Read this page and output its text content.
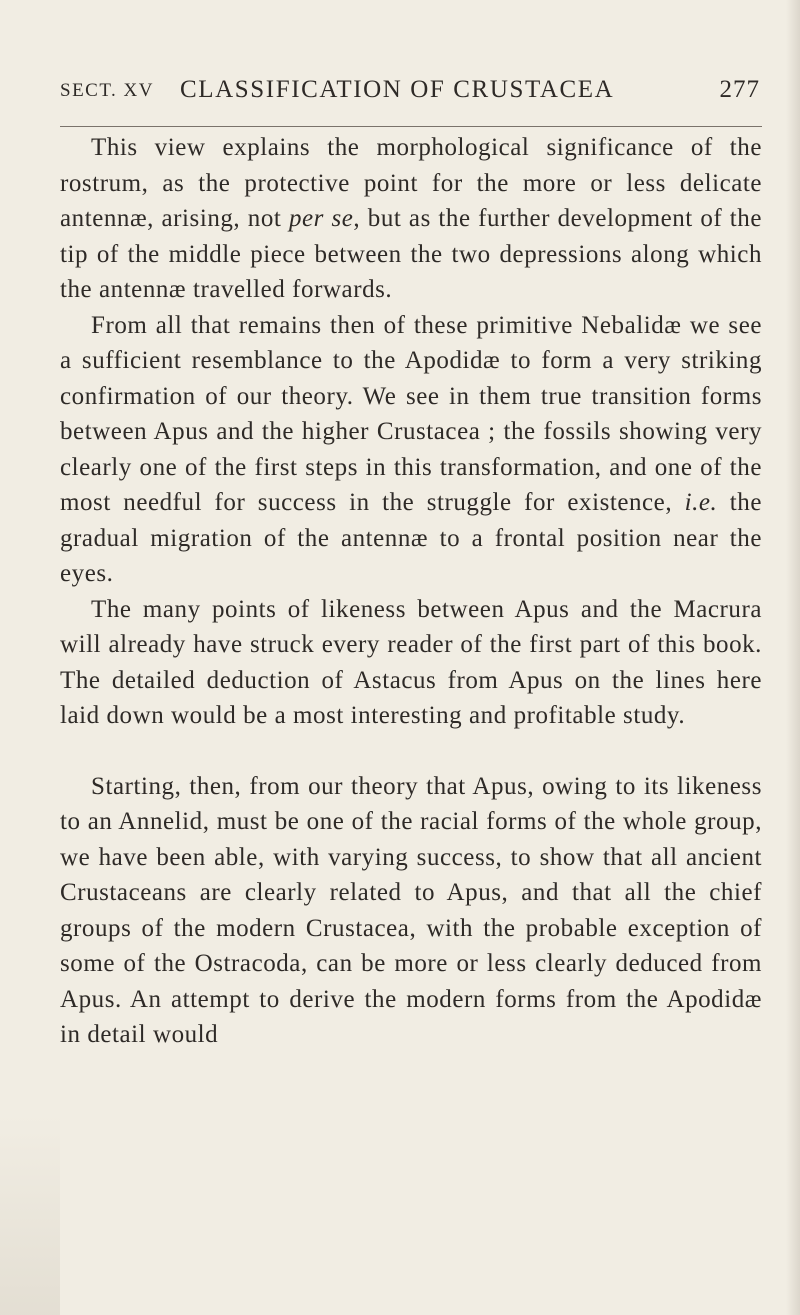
SECT. XV CLASSIFICATION OF CRUSTACEA	277

This view explains the morphological significance of the rostrum, as the protective point for the more or less delicate antennæ, arising, not per se, but as the further development of the tip of the middle piece between the two depressions along which the antennæ travelled forwards.

From all that remains then of these primitive Nebalidæ we see a sufficient resemblance to the Apodidæ to form a very striking confirmation of our theory. We see in them true transition forms between Apus and the higher Crustacea ; the fossils showing very clearly one of the first steps in this transformation, and one of the most needful for success in the struggle for existence, i.e. the gradual migration of the antennæ to a frontal position near the eyes.

The many points of likeness between Apus and the Macrura will already have struck every reader of the first part of this book. The detailed deduction of Astacus from Apus on the lines here laid down would be a most interesting and profitable study.

Starting, then, from our theory that Apus, owing to its likeness to an Annelid, must be one of the racial forms of the whole group, we have been able, with varying success, to show that all ancient Crustaceans are clearly related to Apus, and that all the chief groups of the modern Crustacea, with the probable exception of some of the Ostracoda, can be more or less clearly deduced from Apus. An attempt to derive the modern forms from the Apodidæ in detail would
